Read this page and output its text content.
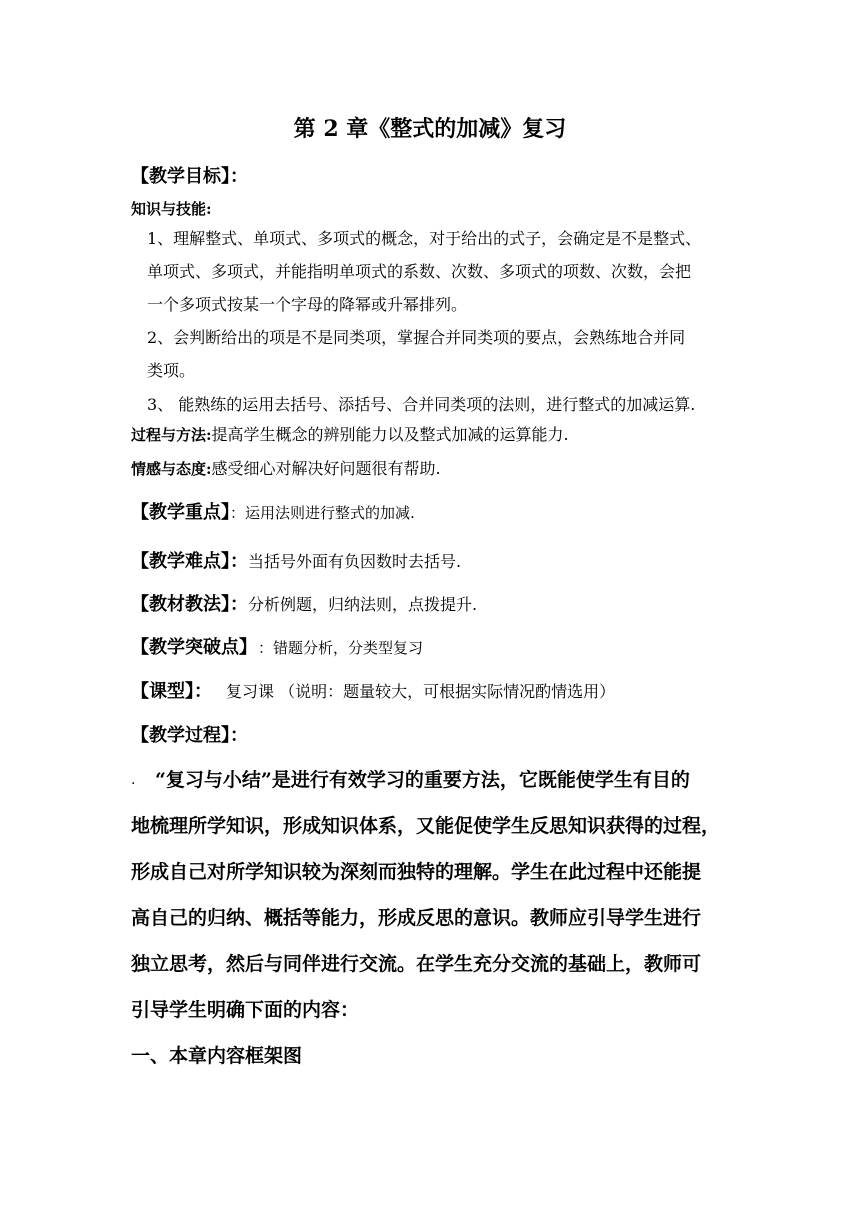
第 2 章《整式的加减》复习
【教学目标】：
知识与技能:
1、理解整式、单项式、多项式的概念，对于给出的式子，会确定是不是整式、
单项式、多项式，并能指明单项式的系数、次数、多项式的项数、次数，会把
一个多项式按某一个字母的降幂或升幂排列。
2、会判断给出的项是不是同类项，掌握合并同类项的要点，会熟练地合并同
类项。
3、 能熟练的运用去括号、添括号、合并同类项的法则，进行整式的加减运算.
过程与方法:提高学生概念的辨别能力以及整式加减的运算能力.
情感与态度:感受细心对解决好问题很有帮助.
【教学重点】：运用法则进行整式的加减.
【教学难点】：当括号外面有负因数时去括号.
【教材教法】：分析例题，归纳法则，点拨提升.
【教学突破点】 ：错题分析，分类型复习
【课型】： 复习课 （说明：题量较大，可根据实际情况酌情选用）
【教学过程】：
. “复习与小结”是进行有效学习的重要方法，它既能使学生有目的
地梳理所学知识，形成知识体系，又能促使学生反思知识获得的过程，
形成自己对所学知识较为深刻而独特的理解。学生在此过程中还能提
高自己的归纳、概括等能力，形成反思的意识。教师应引导学生进行
独立思考，然后与同伴进行交流。在学生充分交流的基础上，教师可
引导学生明确下面的内容：
一、本章内容框架图
